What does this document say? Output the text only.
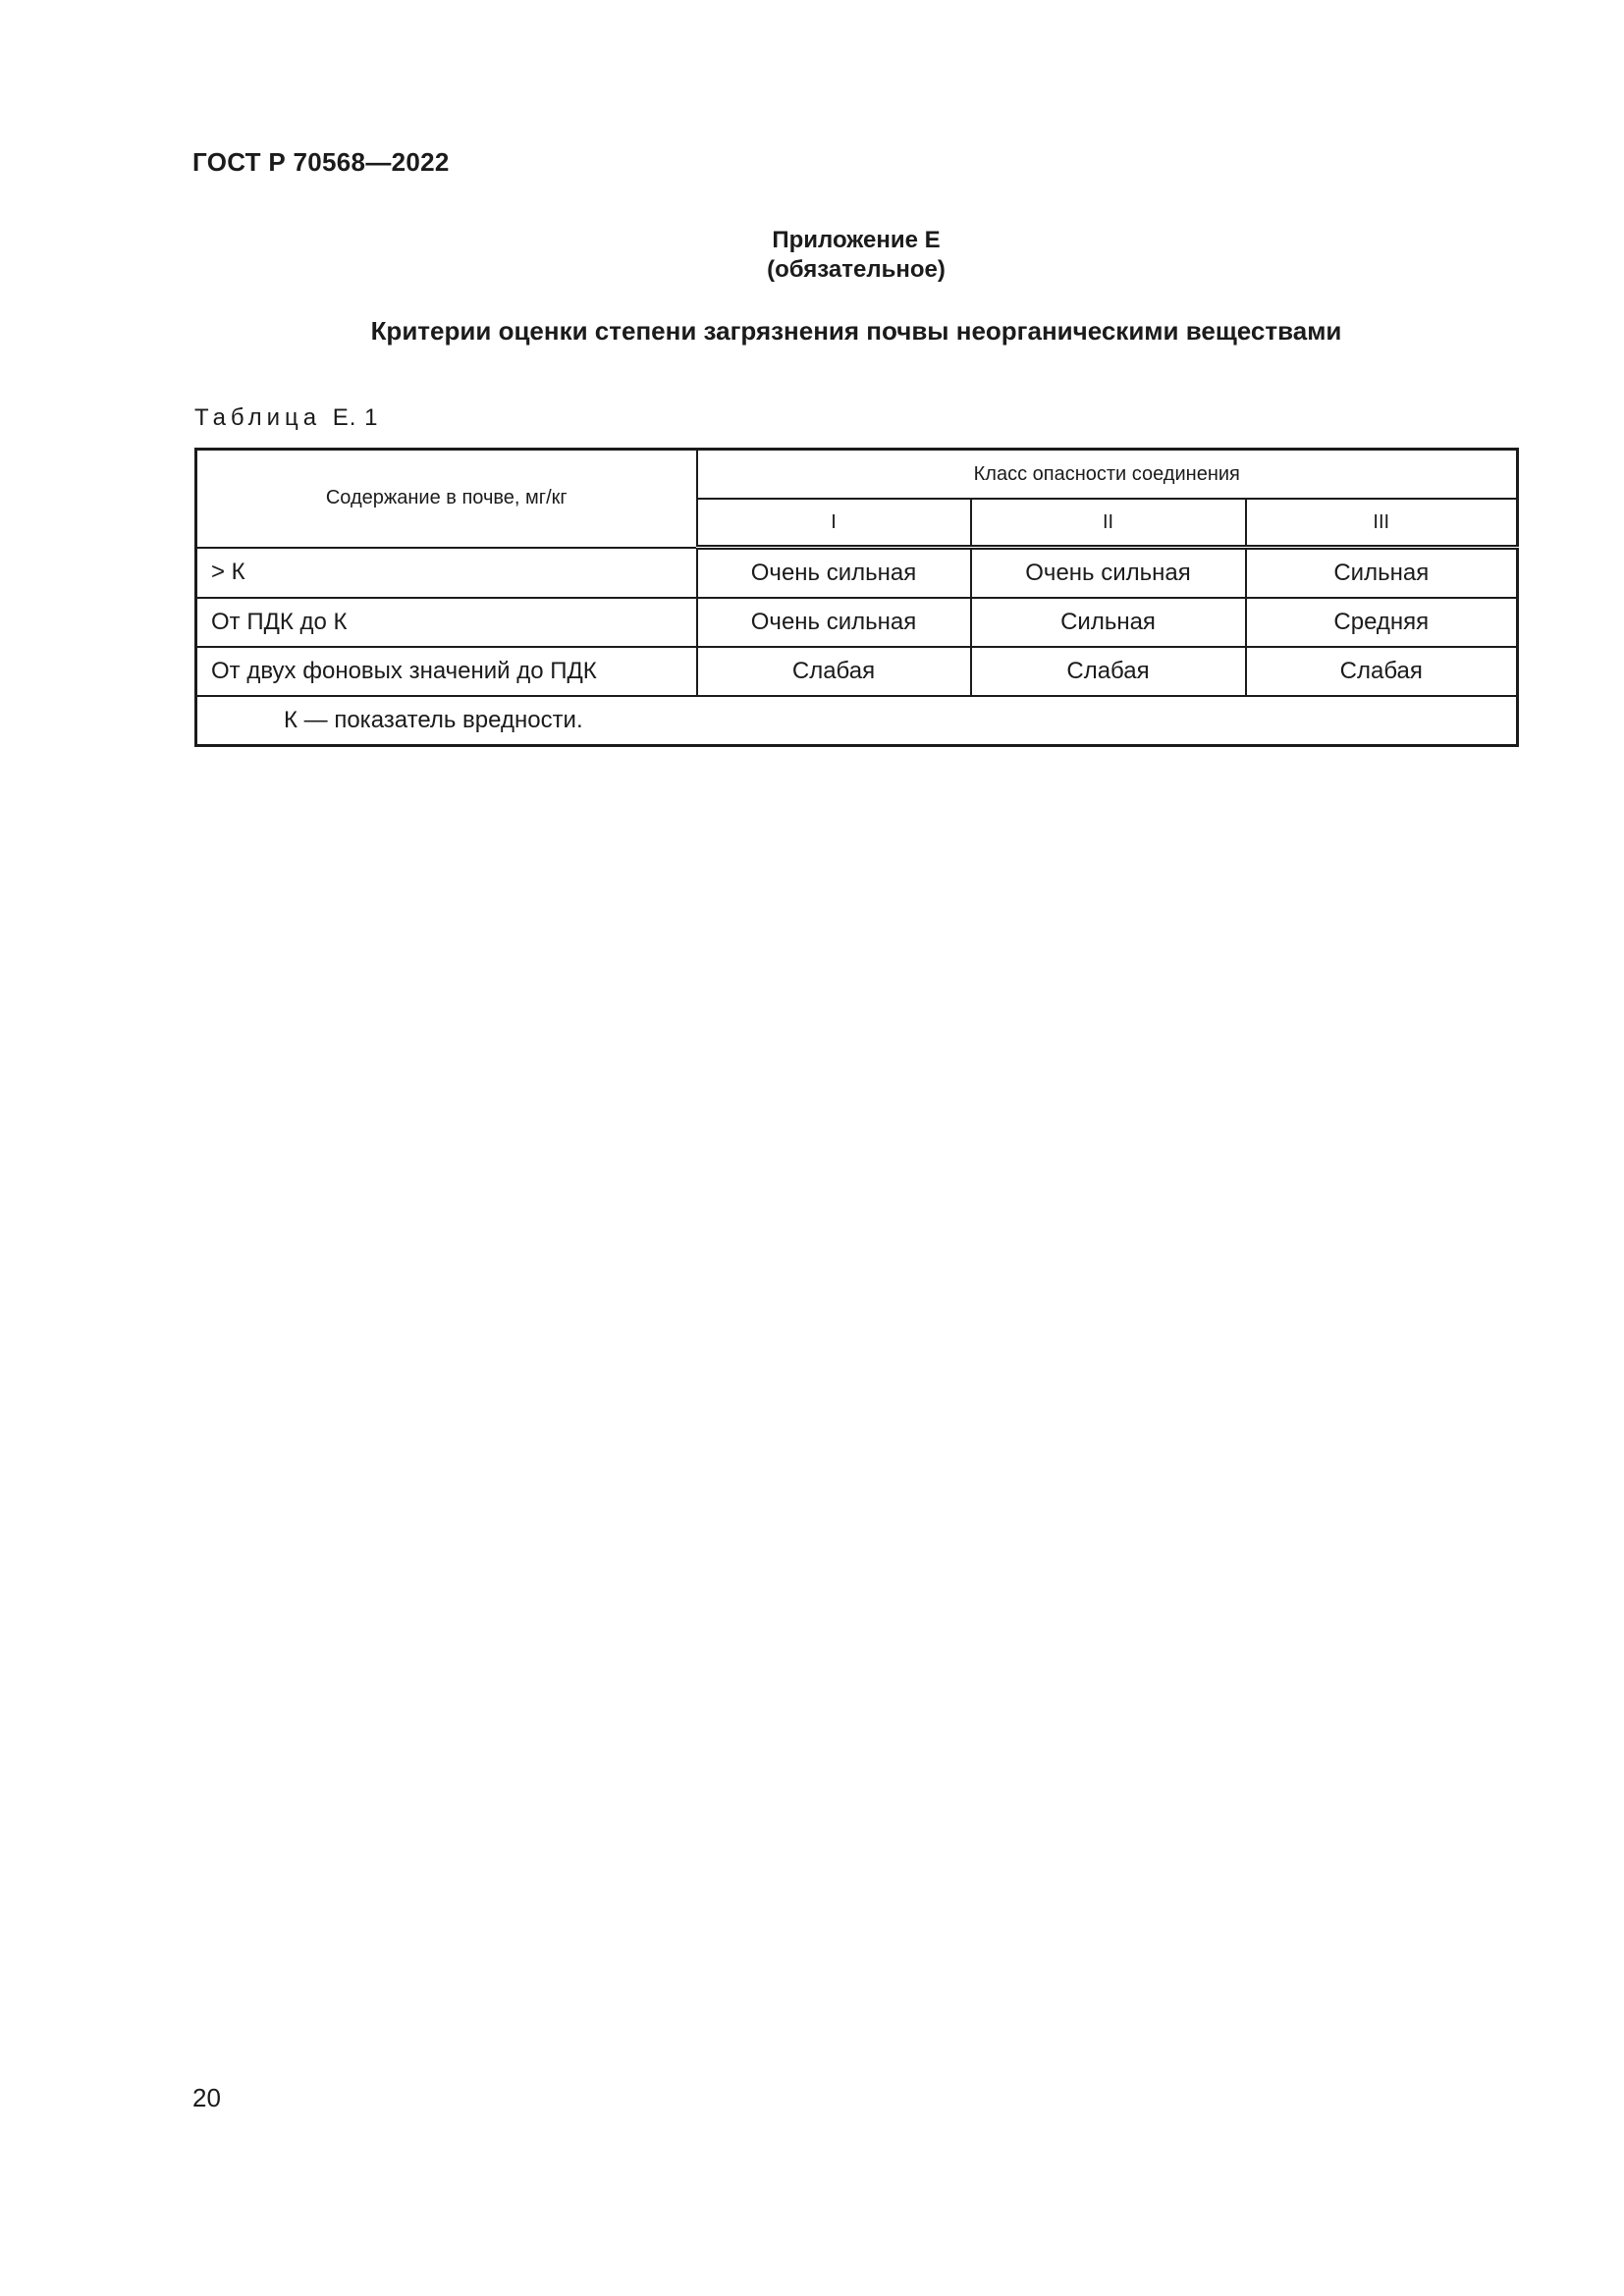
ГОСТ Р 70568—2022
Приложение Е
(обязательное)
Критерии оценки степени загрязнения почвы неорганическими веществами
Таблица Е. 1
Содержание в почве, мг/кг	Класс опасности соединения		
	I	II	III
> К	Очень сильная	Очень сильная	Сильная
От ПДК до К	Очень сильная	Сильная	Средняя
От двух фоновых значений до ПДК	Слабая	Слабая	Слабая
К — показатель вредности.			
20
